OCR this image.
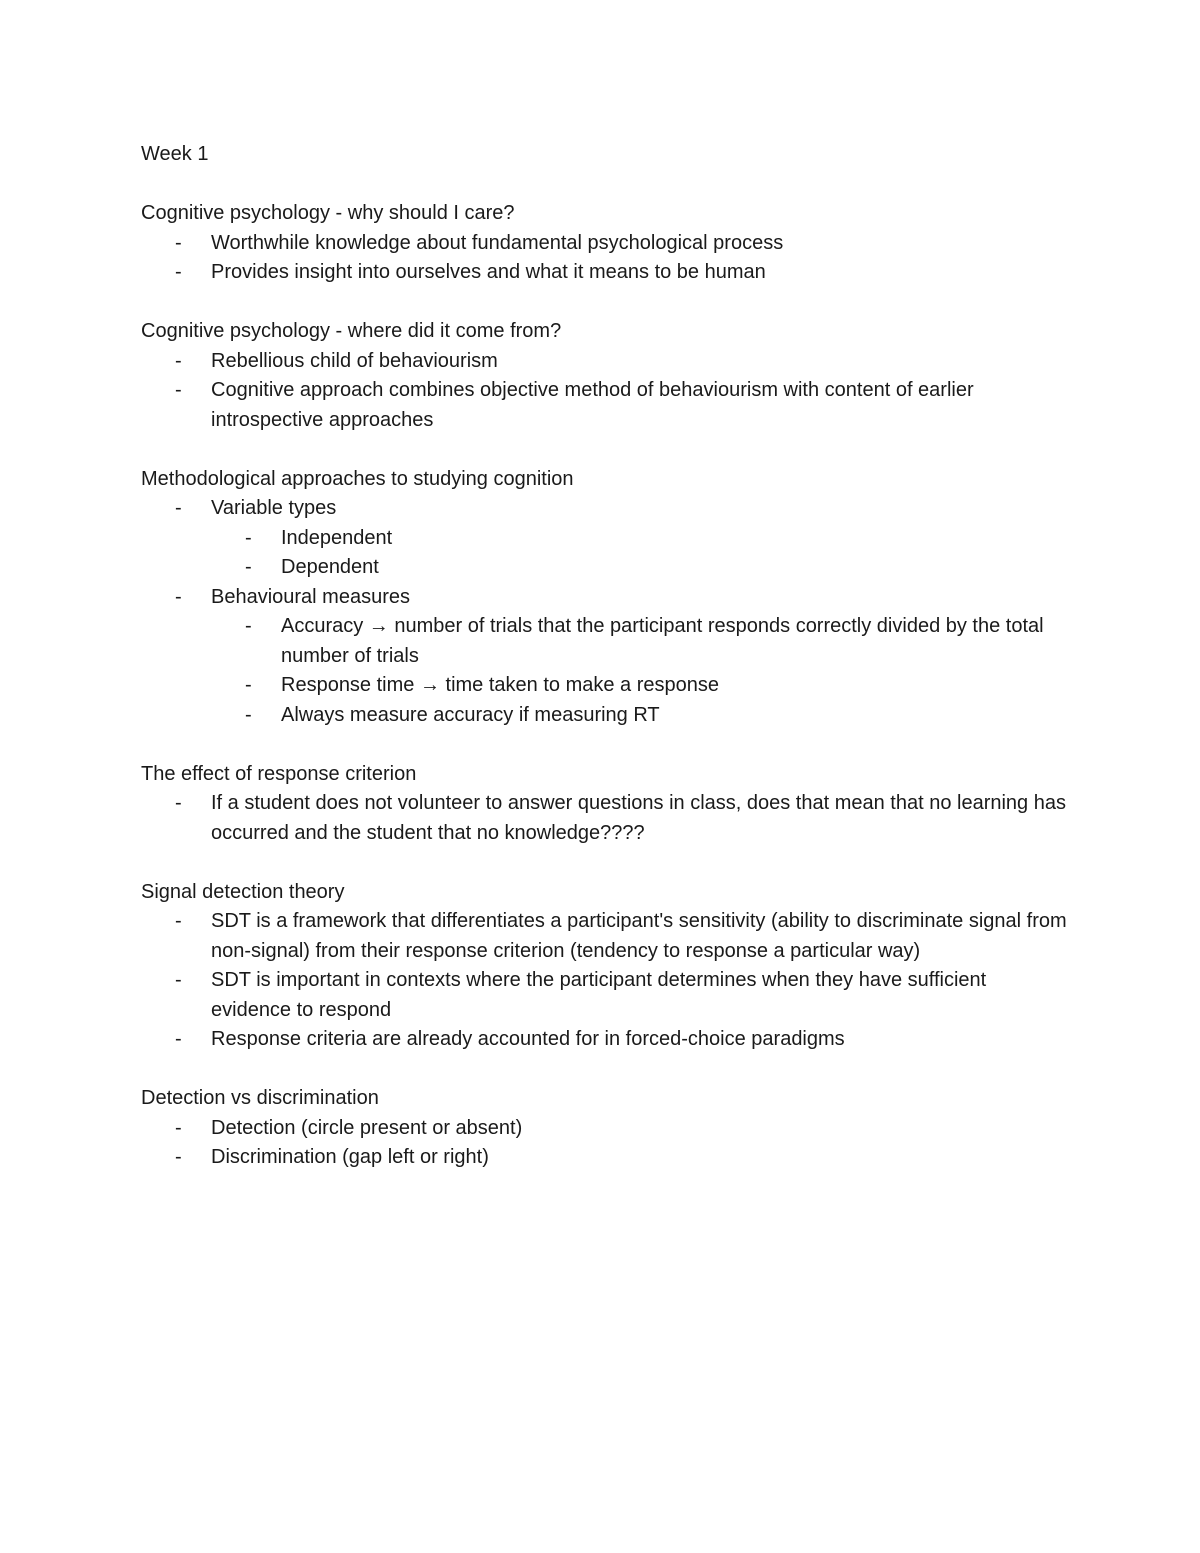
Week 1
Cognitive psychology - why should I care?
- Worthwhile knowledge about fundamental psychological process
- Provides insight into ourselves and what it means to be human
Cognitive psychology - where did it come from?
- Rebellious child of behaviourism
- Cognitive approach combines objective method of behaviourism with content of earlier introspective approaches
Methodological approaches to studying cognition
- Variable types
- Independent
- Dependent
- Behavioural measures
- Accuracy → number of trials that the participant responds correctly divided by the total number of trials
- Response time → time taken to make a response
- Always measure accuracy if measuring RT
The effect of response criterion
- If a student does not volunteer to answer questions in class, does that mean that no learning has occurred and the student that no knowledge????
Signal detection theory
- SDT is a framework that differentiates a participant's sensitivity (ability to discriminate signal from non-signal) from their response criterion (tendency to response a particular way)
- SDT is important in contexts where the participant determines when they have sufficient evidence to respond
- Response criteria are already accounted for in forced-choice paradigms
Detection vs discrimination
- Detection (circle present or absent)
- Discrimination (gap left or right)
